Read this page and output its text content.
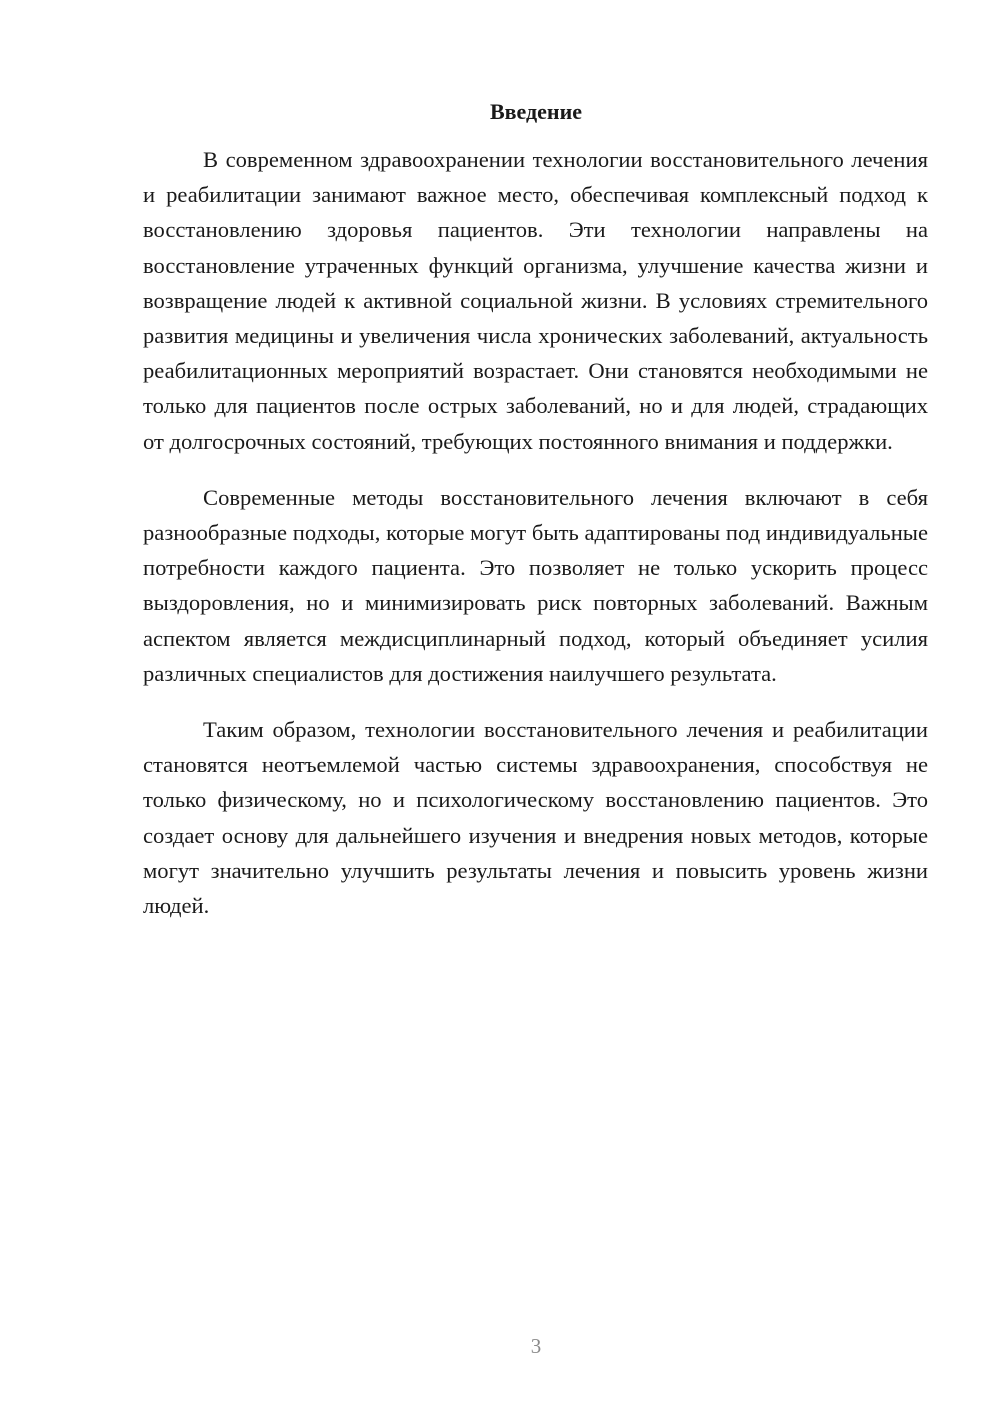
Введение

В современном здравоохранении технологии восстановительного лечения и реабилитации занимают важное место, обеспечивая комплексный подход к восстановлению здоровья пациентов. Эти технологии направлены на восстановление утраченных функций организма, улучшение качества жизни и возвращение людей к активной социальной жизни. В условиях стремительного развития медицины и увеличения числа хронических заболеваний, актуальность реабилитационных мероприятий возрастает. Они становятся необходимыми не только для пациентов после острых заболеваний, но и для людей, страдающих от долгосрочных состояний, требующих постоянного внимания и поддержки.

Современные методы восстановительного лечения включают в себя разнообразные подходы, которые могут быть адаптированы под индивидуальные потребности каждого пациента. Это позволяет не только ускорить процесс выздоровления, но и минимизировать риск повторных заболеваний. Важным аспектом является междисциплинарный подход, который объединяет усилия различных специалистов для достижения наилучшего результата.

Таким образом, технологии восстановительного лечения и реабилитации становятся неотъемлемой частью системы здравоохранения, способствуя не только физическому, но и психологическому восстановлению пациентов. Это создает основу для дальнейшего изучения и внедрения новых методов, которые могут значительно улучшить результаты лечения и повысить уровень жизни людей.

3
